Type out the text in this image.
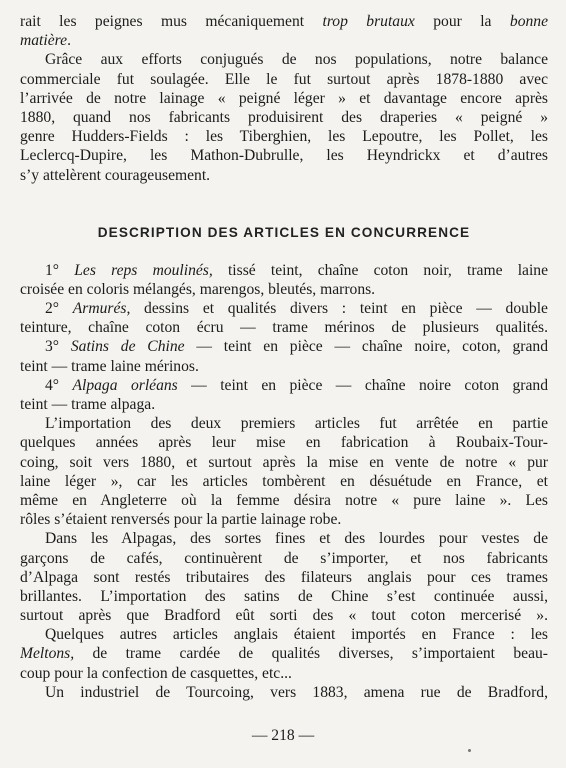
rait les peignes mus mécaniquement trop brutaux pour la bonne
matière.
Grâce aux efforts conjugués de nos populations, notre balance
commerciale fut soulagée. Elle le fut surtout après 1878-1880 avec
l’arrivée de notre lainage « peigné léger » et davantage encore après
1880, quand nos fabricants produisirent des draperies « peigné »
genre Hudders-Fields : les Tiberghien, les Lepoutre, les Pollet, les
Leclercq-Dupire, les Mathon-Dubrulle, les Heyndrickx et d’autres
s’y attelèrent courageusement.
DESCRIPTION DES ARTICLES EN CONCURRENCE
1° Les reps moulinés, tissé teint, chaîne coton noir, trame laine
croisée en coloris mélangés, marengos, bleutés, marrons.
2° Armurés, dessins et qualités divers : teint en pièce — double
teinture, chaîne coton écru — trame mérinos de plusieurs qualités.
3° Satins de Chine — teint en pièce — chaîne noire, coton, grand
teint — trame laine mérinos.
4° Alpaga orléans — teint en pièce — chaîne noire coton grand
teint — trame alpaga.
L’importation des deux premiers articles fut arrêtée en partie
quelques années après leur mise en fabrication à Roubaix-Tour-
coing, soit vers 1880, et surtout après la mise en vente de notre « pur
laine léger », car les articles tombèrent en désuétude en France, et
même en Angleterre où la femme désira notre « pure laine ». Les
rôles s’étaient renversés pour la partie lainage robe.
Dans les Alpagas, des sortes fines et des lourdes pour vestes de
garçons de cafés, continuèrent de s’importer, et nos fabricants
d’Alpaga sont restés tributaires des filateurs anglais pour ces trames
brillantes. L’importation des satins de Chine s’est continuée aussi,
surtout après que Bradford eût sorti des « tout coton mercerisé ».
Quelques autres articles anglais étaient importés en France : les
Meltons, de trame cardée de qualités diverses, s’importaient beau-
coup pour la confection de casquettes, etc...
Un industriel de Tourcoing, vers 1883, amena rue de Bradford,
— 218 —
